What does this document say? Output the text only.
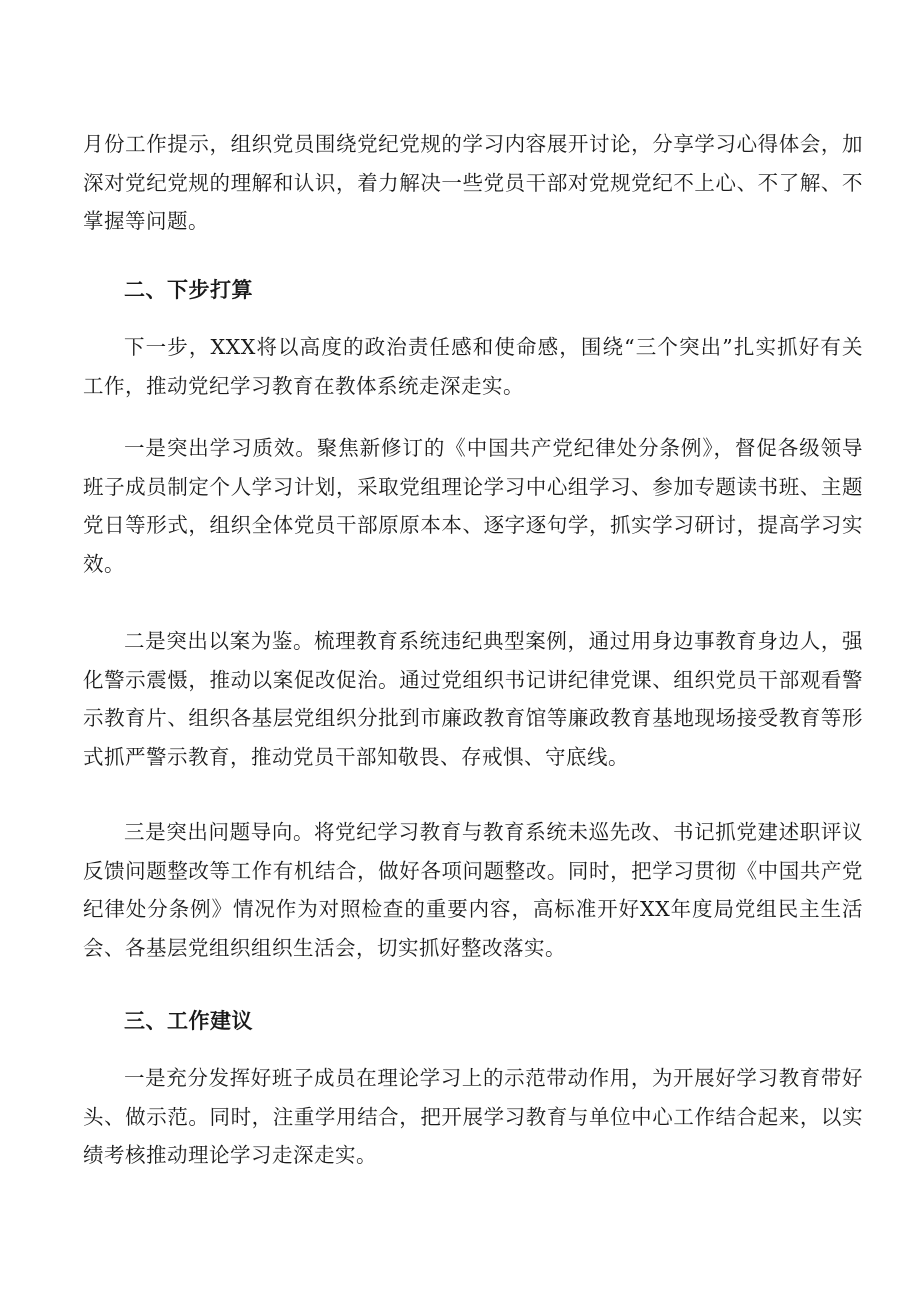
月份工作提示，组织党员围绕党纪党规的学习内容展开讨论，分享学习心得体会，加深对党纪党规的理解和认识，着力解决一些党员干部对党规党纪不上心、不了解、不掌握等问题。

二、下步打算

下一步，XXX将以高度的政治责任感和使命感，围绕“三个突出”扎实抓好有关工作，推动党纪学习教育在教体系统走深走实。

一是突出学习质效。聚焦新修订的《中国共产党纪律处分条例》，督促各级领导班子成员制定个人学习计划，采取党组理论学习中心组学习、参加专题读书班、主题党日等形式，组织全体党员干部原原本本、逐字逐句学，抓实学习研讨，提高学习实效。

二是突出以案为鉴。梳理教育系统违纪典型案例，通过用身边事教育身边人，强化警示震慑，推动以案促改促治。通过党组织书记讲纪律党课、组织党员干部观看警示教育片、组织各基层党组织分批到市廉政教育馆等廉政教育基地现场接受教育等形式抓严警示教育，推动党员干部知敬畏、存戒惧、守底线。

三是突出问题导向。将党纪学习教育与教育系统未巡先改、书记抓党建述职评议反馈问题整改等工作有机结合，做好各项问题整改。同时，把学习贯彻《中国共产党纪律处分条例》情况作为对照检查的重要内容，高标准开好XX年度局党组民主生活会、各基层党组织组织生活会，切实抓好整改落实。

三、工作建议

一是充分发挥好班子成员在理论学习上的示范带动作用，为开展好学习教育带好头、做示范。同时，注重学用结合，把开展学习教育与单位中心工作结合起来，以实绩考核推动理论学习走深走实。
